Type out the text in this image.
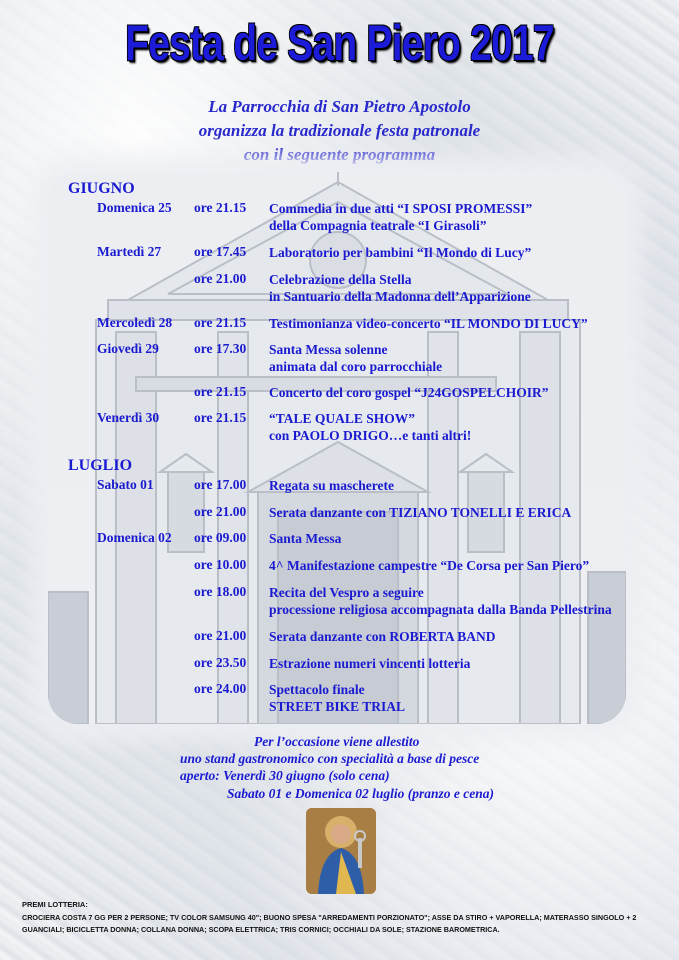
Festa de San Piero 2017
La Parrocchia di San Pietro Apostolo
organizza la tradizionale festa patronale
con il seguente programma
GIUGNO
LUGLIO
Domenica 25 ore 21.15 Commedia in due atti “I SPOSI PROMESSI”
della Compagnia teatrale “I Girasoli”
Martedì 27 ore 17.45 Laboratorio per bambini “Il Mondo di Lucy”
ore 21.00 Celebrazione della Stella
in Santuario della Madonna dell’Apparizione
Mercoledì 28 ore 21.15 Testimonianza video-concerto “IL MONDO DI LUCY”
Giovedì 29	ore 17.30 Santa Messa solenne
animata dal coro parrocchiale
ore 21.15 Concerto del coro gospel “J24GOSPELCHOIR”
Venerdì 30	ore 21.15 “TALE QUALE SHOW”
con PAOLO DRIGO…e tanti altri!
Sabato 01	ore 17.00 Regata su mascherete
ore 21.00 Serata danzante con TIZIANO TONELLI E ERICA
Domenica 02 ore 09.00 Santa Messa
ore 10.00 4^ Manifestazione campestre “De Corsa per San Piero”
ore 18.00 Recita del Vespro a seguire
processione religiosa accompagnata dalla Banda Pellestrina
ore 21.00 Serata danzante con ROBERTA BAND
ore 23.50 Estrazione numeri vincenti lotteria
ore 24.00 Spettacolo finale
STREET BIKE TRIAL
Per l’occasione viene allestito
uno stand gastronomico con specialità a base di pesce
aperto: Venerdì 30 giugno (solo cena)
Sabato 01 e Domenica 02 luglio (pranzo e cena)
PREMI LOTTERIA:
CROCIERA COSTA 7 GG PER 2 PERSONE; TV COLOR SAMSUNG 40"; BUONO SPESA "ARREDAMENTI PORZIONATO"; ASSE DA STIRO + VAPORELLA; MATERASSO SINGOLO + 2
GUANCIALI; BICICLETTA DONNA; COLLANA DONNA; SCOPA ELETTRICA; TRIS CORNICI; OCCHIALI DA SOLE; STAZIONE BAROMETRICA.
